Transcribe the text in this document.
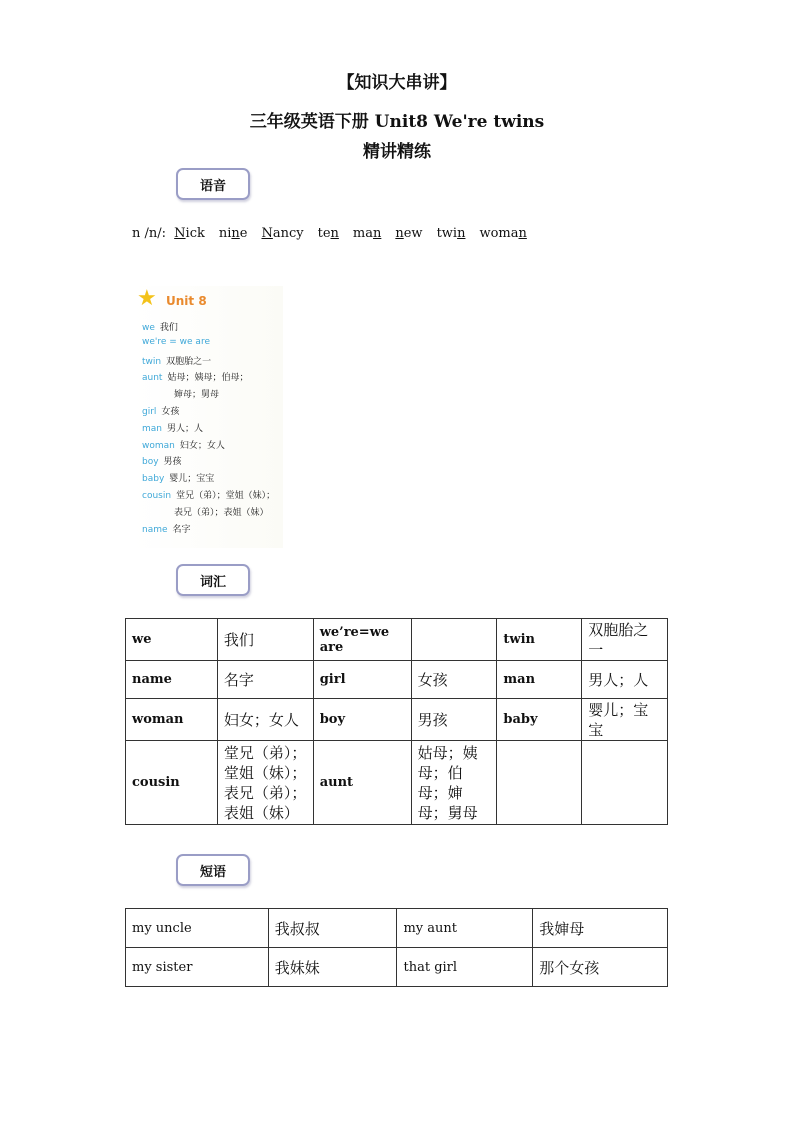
【知识大串讲】
三年级英语下册 Unit8 We're twins
精讲精练
语音
n /n/: Nick nine Nancy ten man new twin woman
★ Unit 8
we 我们
we're = we are
twin 双胞胎之一
aunt 姑母；姨母；伯母；
婶母；舅母
girl 女孩
man 男人；人
woman 妇女；女人
boy 男孩
baby 婴儿；宝宝
cousin 堂兄（弟）；堂姐（妹）；
表兄（弟）；表姐（妹）
name 名字
词汇
we	我们	we’re=we are		twin	双胞胎之一
name	名字	girl	女孩	man	男人；人
woman	妇女；女人	boy	男孩	baby	婴儿；宝宝
cousin	堂兄（弟）；堂姐（妹）；表兄（弟）；表姐（妹）	aunt	姑母；姨母；伯母；婶母；舅母		
短语
my uncle	我叔叔	my aunt	我婶母
my sister	我妹妹	that girl	那个女孩
